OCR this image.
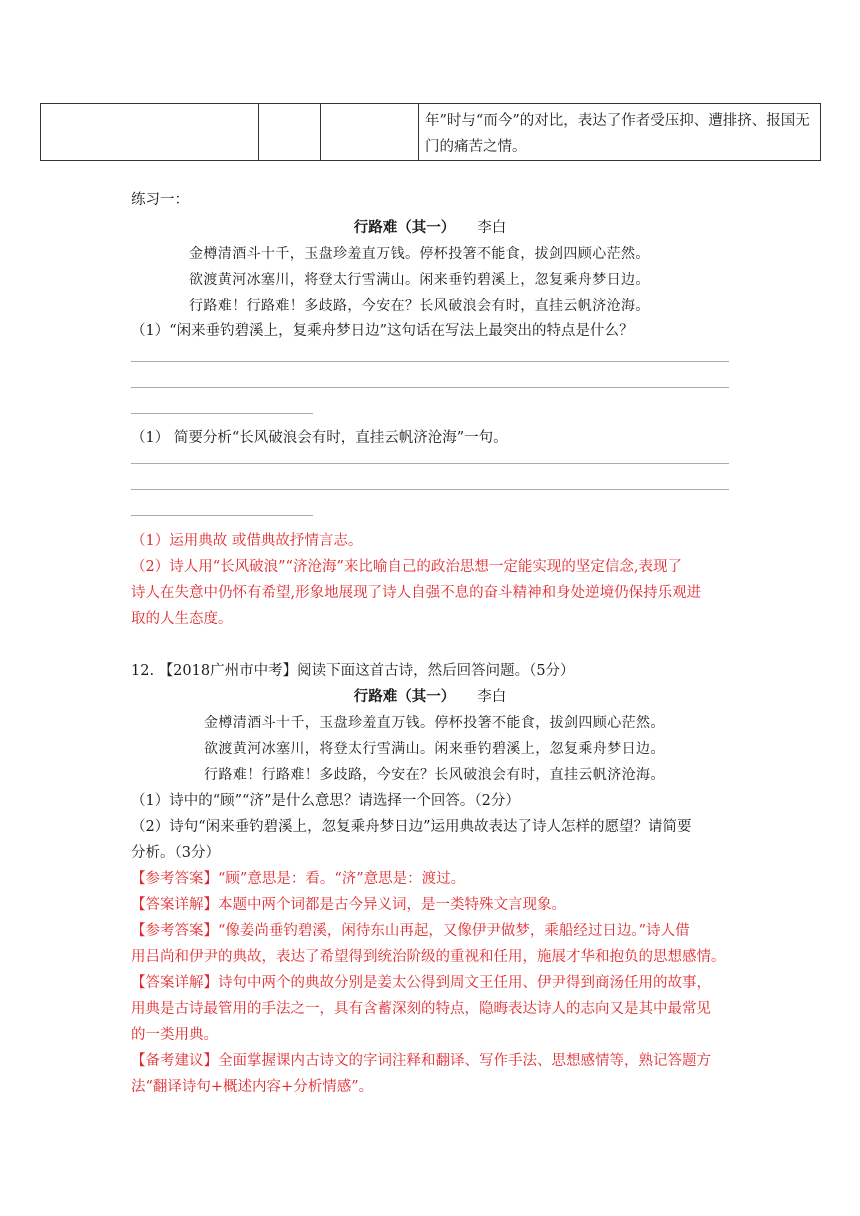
			年”时与“而今”的对比，表达了作者受压抑、遭排挤、报国无门的痛苦之情。
练习一：
行路难（其一） 李白
金樽清酒斗十千，玉盘珍羞直万钱。停杯投箸不能食，拔剑四顾心茫然。
欲渡黄河冰塞川，将登太行雪满山。闲来垂钓碧溪上，忽复乘舟梦日边。
行路难！行路难！多歧路，今安在？长风破浪会有时，直挂云帆济沧海。
（1）“闲来垂钓碧溪上，复乘舟梦日边”这句话在写法上最突出的特点是什么？
（1） 简要分析“长风破浪会有时，直挂云帆济沧海”一句。
（1）运用典故 或借典故抒情言志。
（2）诗人用“长风破浪”“济沧海”来比喻自己的政治思想一定能实现的坚定信念,表现了
诗人在失意中仍怀有希望,形象地展现了诗人自强不息的奋斗精神和身处逆境仍保持乐观进
取的人生态度。
12. 【2018广州市中考】阅读下面这首古诗，然后回答问题。（5分）
行路难（其一） 李白
金樽清酒斗十千，玉盘珍羞直万钱。停杯投箸不能食，拔剑四顾心茫然。
欲渡黄河冰塞川，将登太行雪满山。闲来垂钓碧溪上，忽复乘舟梦日边。
行路难！行路难！多歧路，今安在？长风破浪会有时，直挂云帆济沧海。
（1）诗中的“顾”“济”是什么意思？请选择一个回答。（2分）
（2）诗句“闲来垂钓碧溪上，忽复乘舟梦日边”运用典故表达了诗人怎样的愿望？请简要
分析。（3分）
【参考答案】“顾”意思是：看。“济”意思是：渡过。
【答案详解】本题中两个词都是古今异义词，是一类特殊文言现象。
【参考答案】“像姜尚垂钓碧溪，闲待东山再起，又像伊尹做梦，乘船经过日边。”诗人借
用吕尚和伊尹的典故，表达了希望得到统治阶级的重视和任用，施展才华和抱负的思想感情。
【答案详解】诗句中两个的典故分别是姜太公得到周文王任用、伊尹得到商汤任用的故事，
用典是古诗最管用的手法之一，具有含蓄深刻的特点，隐晦表达诗人的志向又是其中最常见
的一类用典。
【备考建议】全面掌握课内古诗文的字词注释和翻译、写作手法、思想感情等，熟记答题方
法“翻译诗句+概述内容+分析情感”。
